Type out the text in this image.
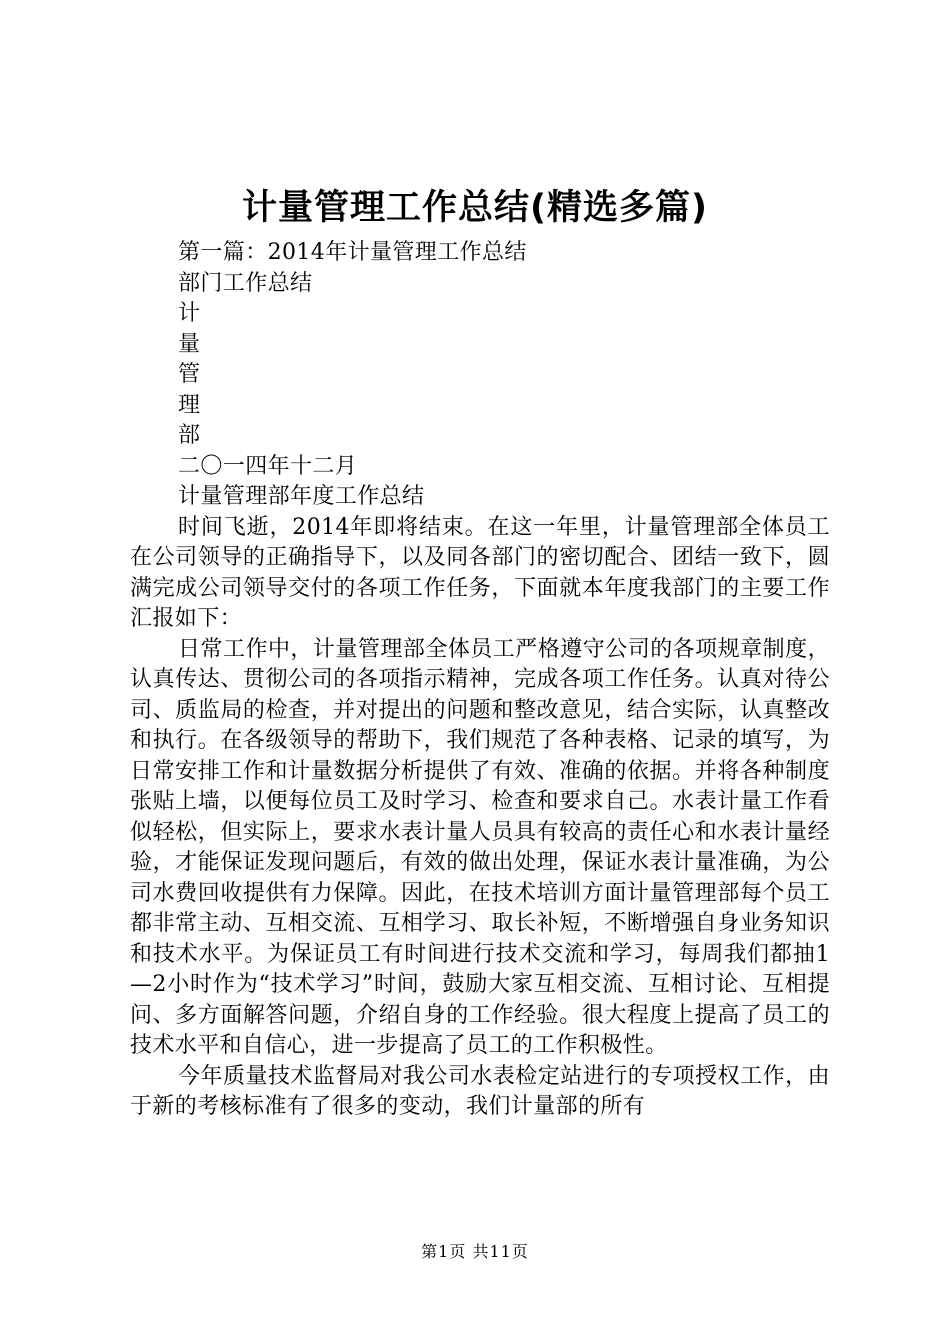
计量管理工作总结(精选多篇)
第一篇：2014年计量管理工作总结
部门工作总结
计
量
管
理
部
二〇一四年十二月
计量管理部年度工作总结

时间飞逝，2014年即将结束。在这一年里，计量管理部全体员工在公司领导的正确指导下，以及同各部门的密切配合、团结一致下，圆满完成公司领导交付的各项工作任务，下面就本年度我部门的主要工作汇报如下：

日常工作中，计量管理部全体员工严格遵守公司的各项规章制度，认真传达、贯彻公司的各项指示精神，完成各项工作任务。认真对待公司、质监局的检查，并对提出的问题和整改意见，结合实际，认真整改和执行。在各级领导的帮助下，我们规范了各种表格、记录的填写，为日常安排工作和计量数据分析提供了有效、准确的依据。并将各种制度张贴上墙，以便每位员工及时学习、检查和要求自己。水表计量工作看似轻松，但实际上，要求水表计量人员具有较高的责任心和水表计量经验，才能保证发现问题后，有效的做出处理，保证水表计量准确，为公司水费回收提供有力保障。因此，在技术培训方面计量管理部每个员工都非常主动、互相交流、互相学习、取长补短，不断增强自身业务知识和技术水平。为保证员工有时间进行技术交流和学习，每周我们都抽1—2小时作为“技术学习”时间，鼓励大家互相交流、互相讨论、互相提问、多方面解答问题，介绍自身的工作经验。很大程度上提高了员工的技术水平和自信心，进一步提高了员工的工作积极性。

今年质量技术监督局对我公司水表检定站进行的专项授权工作，由于新的考核标准有了很多的变动，我们计量部的所有

第1页 共11页
